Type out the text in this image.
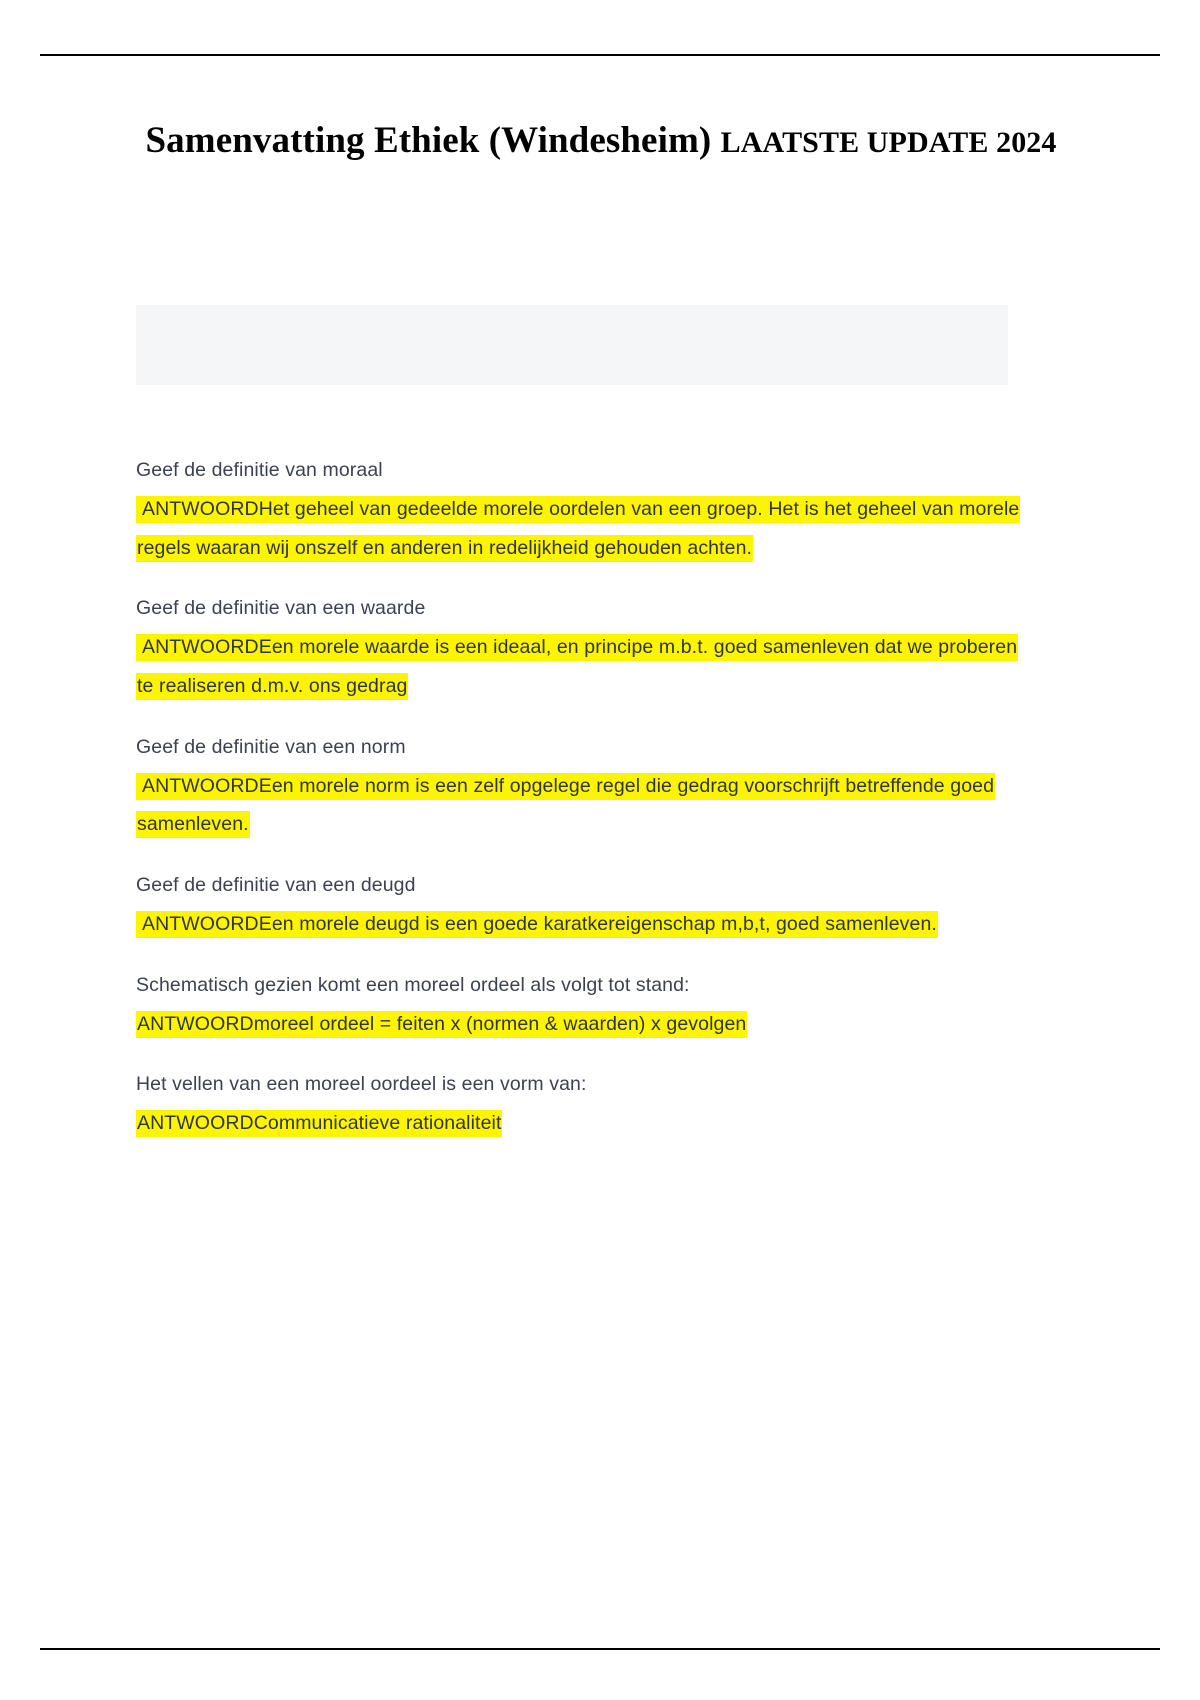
Samenvatting Ethiek (Windesheim) LAATSTE UPDATE 2024

Geef de definitie van moraal

ANTWOORDHet geheel van gedeelde morele oordelen van een groep. Het is het geheel van morele regels waaran wij onszelf en anderen in redelijkheid gehouden achten.

Geef de definitie van een waarde

ANTWOORDEen morele waarde is een ideaal, en principe m.b.t. goed samenleven dat we proberen te realiseren d.m.v. ons gedrag

Geef de definitie van een norm

ANTWOORDEen morele norm is een zelf opgelege regel die gedrag voorschrijft betreffende goed samenleven.

Geef de definitie van een deugd

ANTWOORDEen morele deugd is een goede karatkereigenschap m,b,t, goed samenleven.

Schematisch gezien komt een moreel ordeel als volgt tot stand:

ANTWOORDmoreel ordeel = feiten x (normen & waarden) x gevolgen

Het vellen van een moreel oordeel is een vorm van:

ANTWOORDCommunicatieve rationaliteit
